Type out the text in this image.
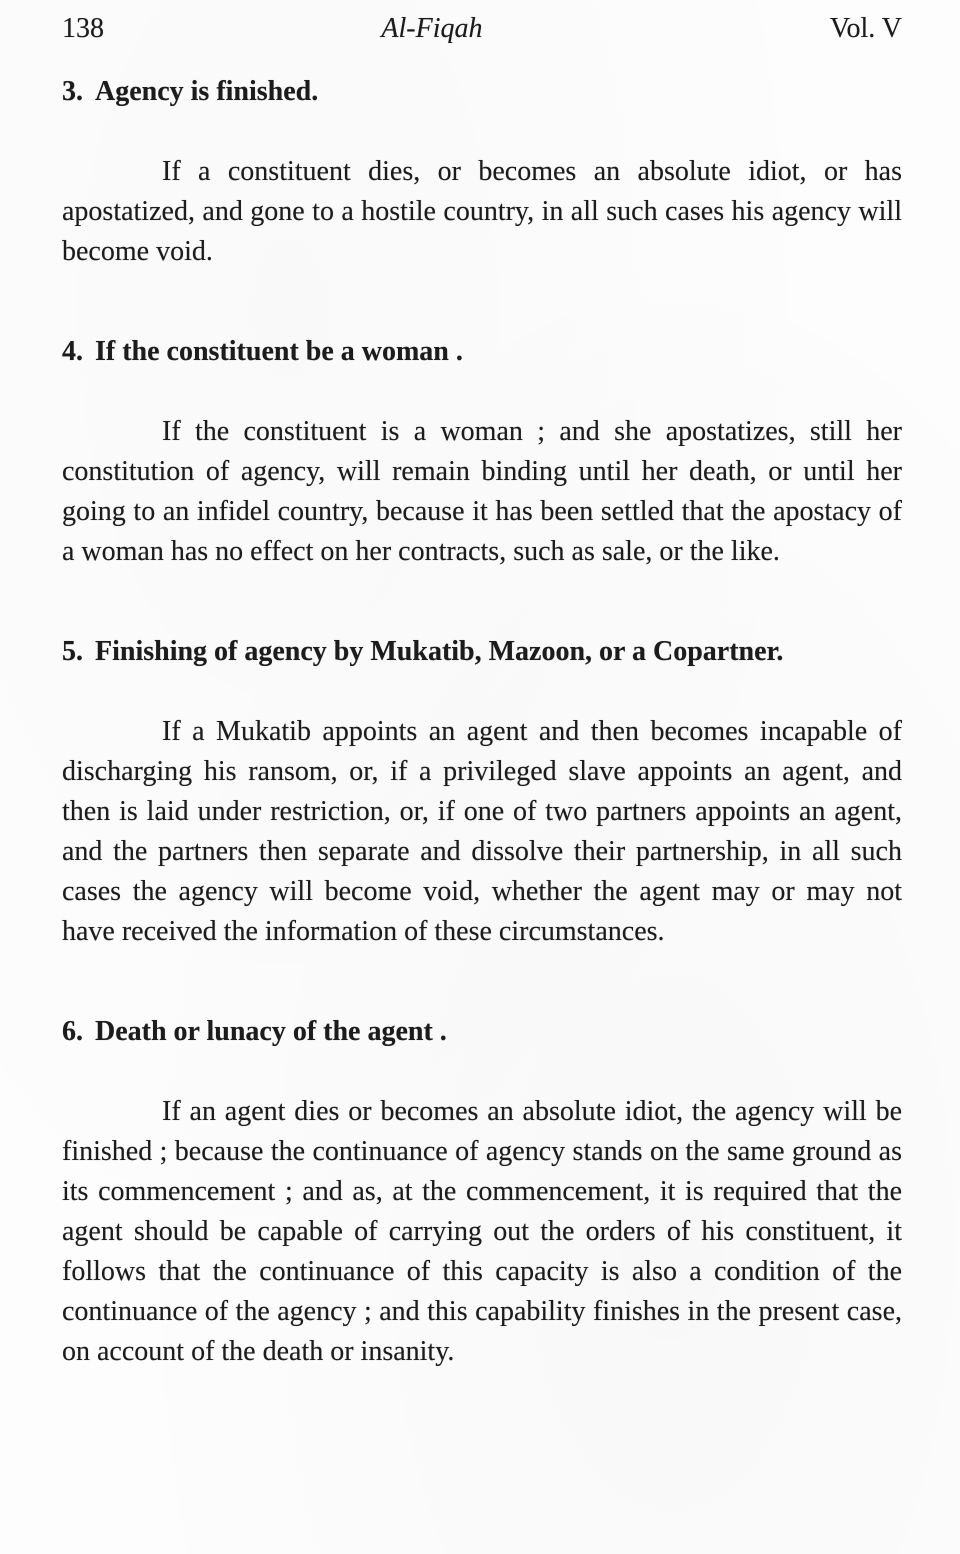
138	Al-Fiqah	Vol. V
3. Agency is finished.

If a constituent dies, or becomes an absolute idiot, or has apostatized, and gone to a hostile country, in all such cases his agency will become void.

4. If the constituent be a woman .

If the constituent is a woman ; and she apostatizes, still her constitution of agency, will remain binding until her death, or until her going to an infidel country, because it has been settled that the apostacy of a woman has no effect on her contracts, such as sale, or the like.

5. Finishing of agency by Mukatib, Mazoon, or a Copartner.

If a Mukatib appoints an agent and then becomes incapable of discharging his ransom, or, if a privileged slave appoints an agent, and then is laid under restriction, or, if one of two partners appoints an agent, and the partners then separate and dissolve their partnership, in all such cases the agency will become void, whether the agent may or may not have received the information of these circumstances.

6. Death or lunacy of the agent .

If an agent dies or becomes an absolute idiot, the agency will be finished ; because the continuance of agency stands on the same ground as its commencement ; and as, at the commencement, it is required that the agent should be capable of carrying out the orders of his constituent, it follows that the continuance of this capacity is also a condition of the continuance of the agency ; and this capability finishes in the present case, on account of the death or insanity.
